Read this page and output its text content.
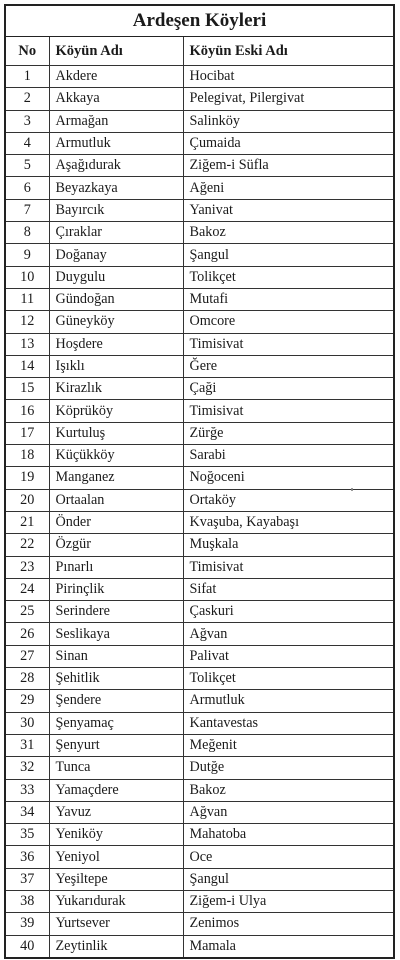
Ardeşen Köyleri
No	Köyün Adı	Köyün Eski Adı
1	Akdere	Hocibat
2	Akkaya	Pelegivat, Pilergivat
3	Armağan	Salinköy
4	Armutluk	Çumaida
5	Aşağıdurak	Ziğem-i Süfla
6	Beyazkaya	Ağeni
7	Bayırcık	Yanivat
8	Çıraklar	Bakoz
9	Doğanay	Şangul
10	Duygulu	Tolikçet
11	Gündoğan	Mutafi
12	Güneyköy	Omcore
13	Hoşdere	Timisivat
14	Işıklı	Ğere
15	Kirazlık	Çaği
16	Köprüköy	Timisivat
17	Kurtuluş	Zürğe
18	Küçükköy	Sarabi
19	Manganez	Noğoceni
20	Ortaalan	Ortaköy
21	Önder	Kvaşuba, Kayabaşı
22	Özgür	Muşkala
23	Pınarlı	Timisivat
24	Pirinçlik	Sifat
25	Serindere	Çaskuri
26	Seslikaya	Ağvan
27	Sinan	Palivat
28	Şehitlik	Tolikçet
29	Şendere	Armutluk
30	Şenyamaç	Kantavestas
31	Şenyurt	Meğenit
32	Tunca	Dutğe
33	Yamaçdere	Bakoz
34	Yavuz	Ağvan
35	Yeniköy	Mahatoba
36	Yeniyol	Oce
37	Yeşiltepe	Şangul
38	Yukarıdurak	Ziğem-i Ulya
39	Yurtsever	Zenimos
40	Zeytinlik	Mamala
